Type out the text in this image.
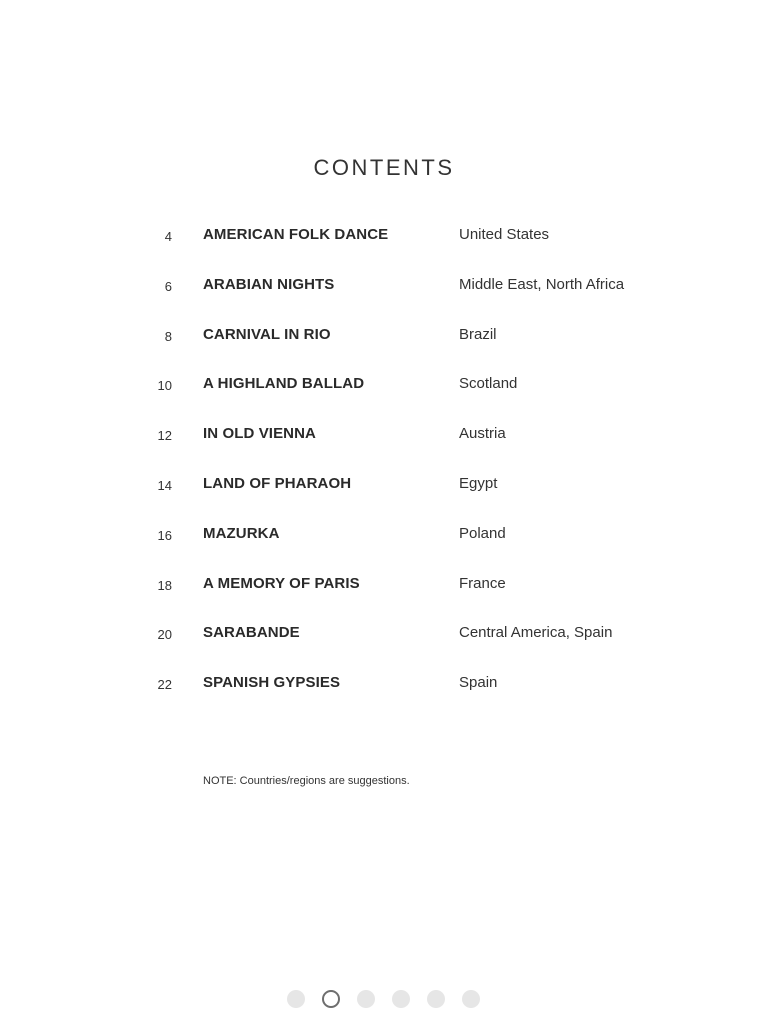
CONTENTS
4 AMERICAN FOLK DANCE	United States
6 ARABIAN NIGHTS	Middle East, North Africa
8 CARNIVAL IN RIO	Brazil
10 A HIGHLAND BALLAD	Scotland
12 IN OLD VIENNA	Austria
14 LAND OF PHARAOH	Egypt
16 MAZURKA	Poland
18 A MEMORY OF PARIS	France
20 SARABANDE	Central America, Spain
22 SPANISH GYPSIES	Spain
NOTE: Countries/regions are suggestions.
